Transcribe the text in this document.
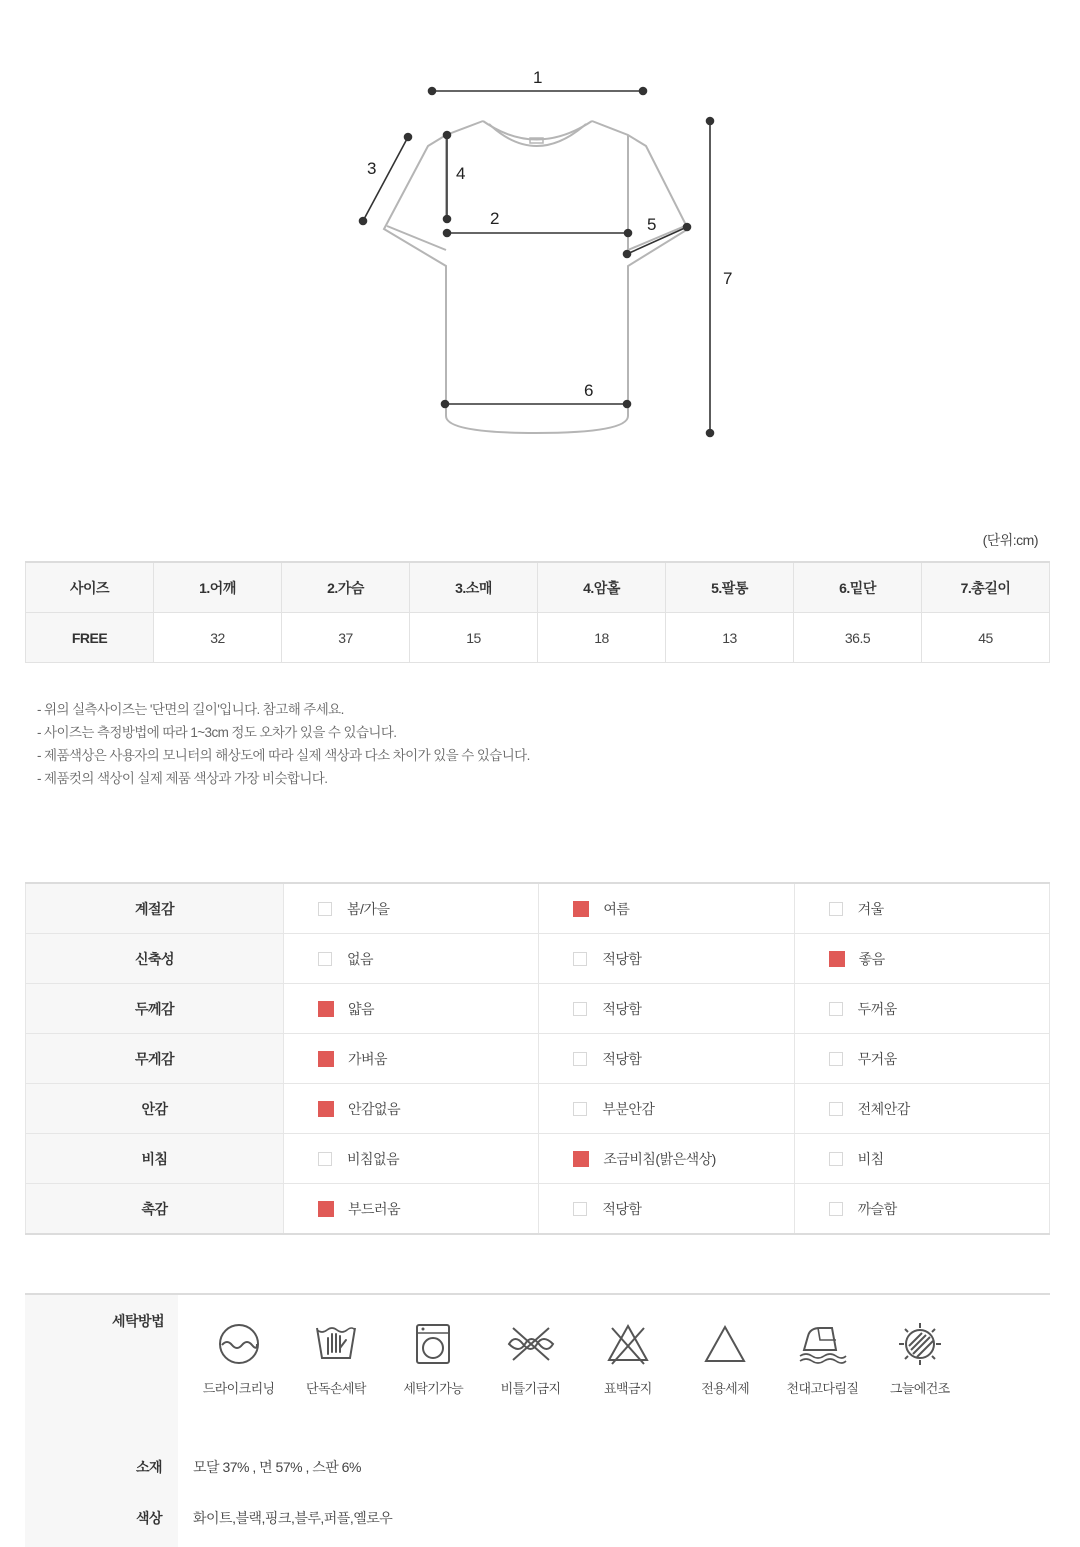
1
2
3	4
5
6
7
(단위:cm)
사이즈	1.어깨	2.가슴	3.소매	4.암홀	5.팔통	6.밑단	7.총길이
FREE	32	37	15	18	13	36.5	45
- 위의 실측사이즈는 '단면의 길이'입니다. 참고해 주세요.
- 사이즈는 측정방법에 따라 1~3cm 정도 오차가 있을 수 있습니다.
- 제품색상은 사용자의 모니터의 해상도에 따라 실제 색상과 다소 차이가 있을 수 있습니다.
- 제품컷의 색상이 실제 제품 색상과 가장 비슷합니다.
계절감	봄/가을	여름	겨울
신축성	없음	적당함	좋음
두께감	얇음	적당함	두꺼움
무게감	가벼움	적당함	무거움
안감	안감없음	부분안감	전체안감
비침	비침없음	조금비침(밝은색상)	비침
촉감	부드러움	적당함	까슬함
세탁방법
드라이크리닝	단독손세탁	세탁기가능	비틀기금지	표백금지	전용세제	천대고다림질	그늘에건조
소재 모달 37% , 면 57% , 스판 6%
색상 화이트,블랙,핑크,블루,퍼플,옐로우
